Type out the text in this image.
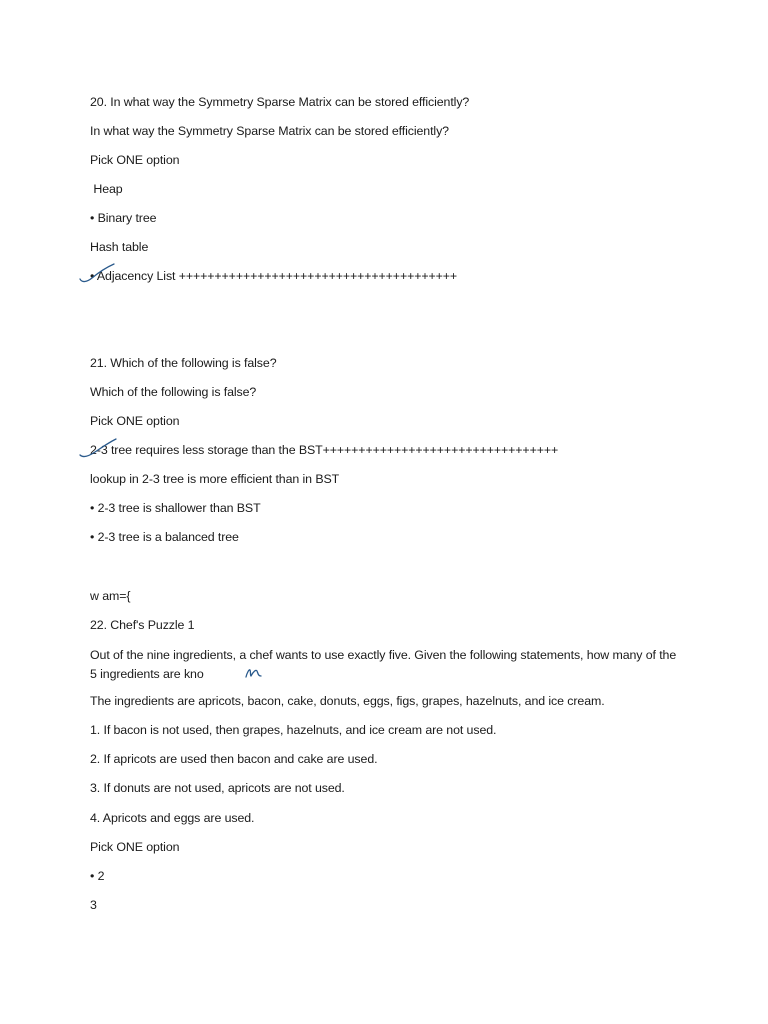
20. In what way the Symmetry Sparse Matrix can be stored efficiently?
In what way the Symmetry Sparse Matrix can be stored efficiently?
Pick ONE option
Heap
• Binary tree
Hash table
• Adjacency List +++++++++++++++++++++++++++++++++++++++
21. Which of the following is false?
Which of the following is false?
Pick ONE option
2-3 tree requires less storage than the BST+++++++++++++++++++++++++++++++++
lookup in 2-3 tree is more efficient than in BST
• 2-3 tree is shallower than BST
• 2-3 tree is a balanced tree
w am={
22. Chef's Puzzle 1
Out of the nine ingredients, a chef wants to use exactly five. Given the following statements, how many of the 5 ingredients are kno
The ingredients are apricots, bacon, cake, donuts, eggs, figs, grapes, hazelnuts, and ice cream.
1. If bacon is not used, then grapes, hazelnuts, and ice cream are not used.
2. If apricots are used then bacon and cake are used.
3. If donuts are not used, apricots are not used.
4. Apricots and eggs are used.
Pick ONE option
• 2
3
